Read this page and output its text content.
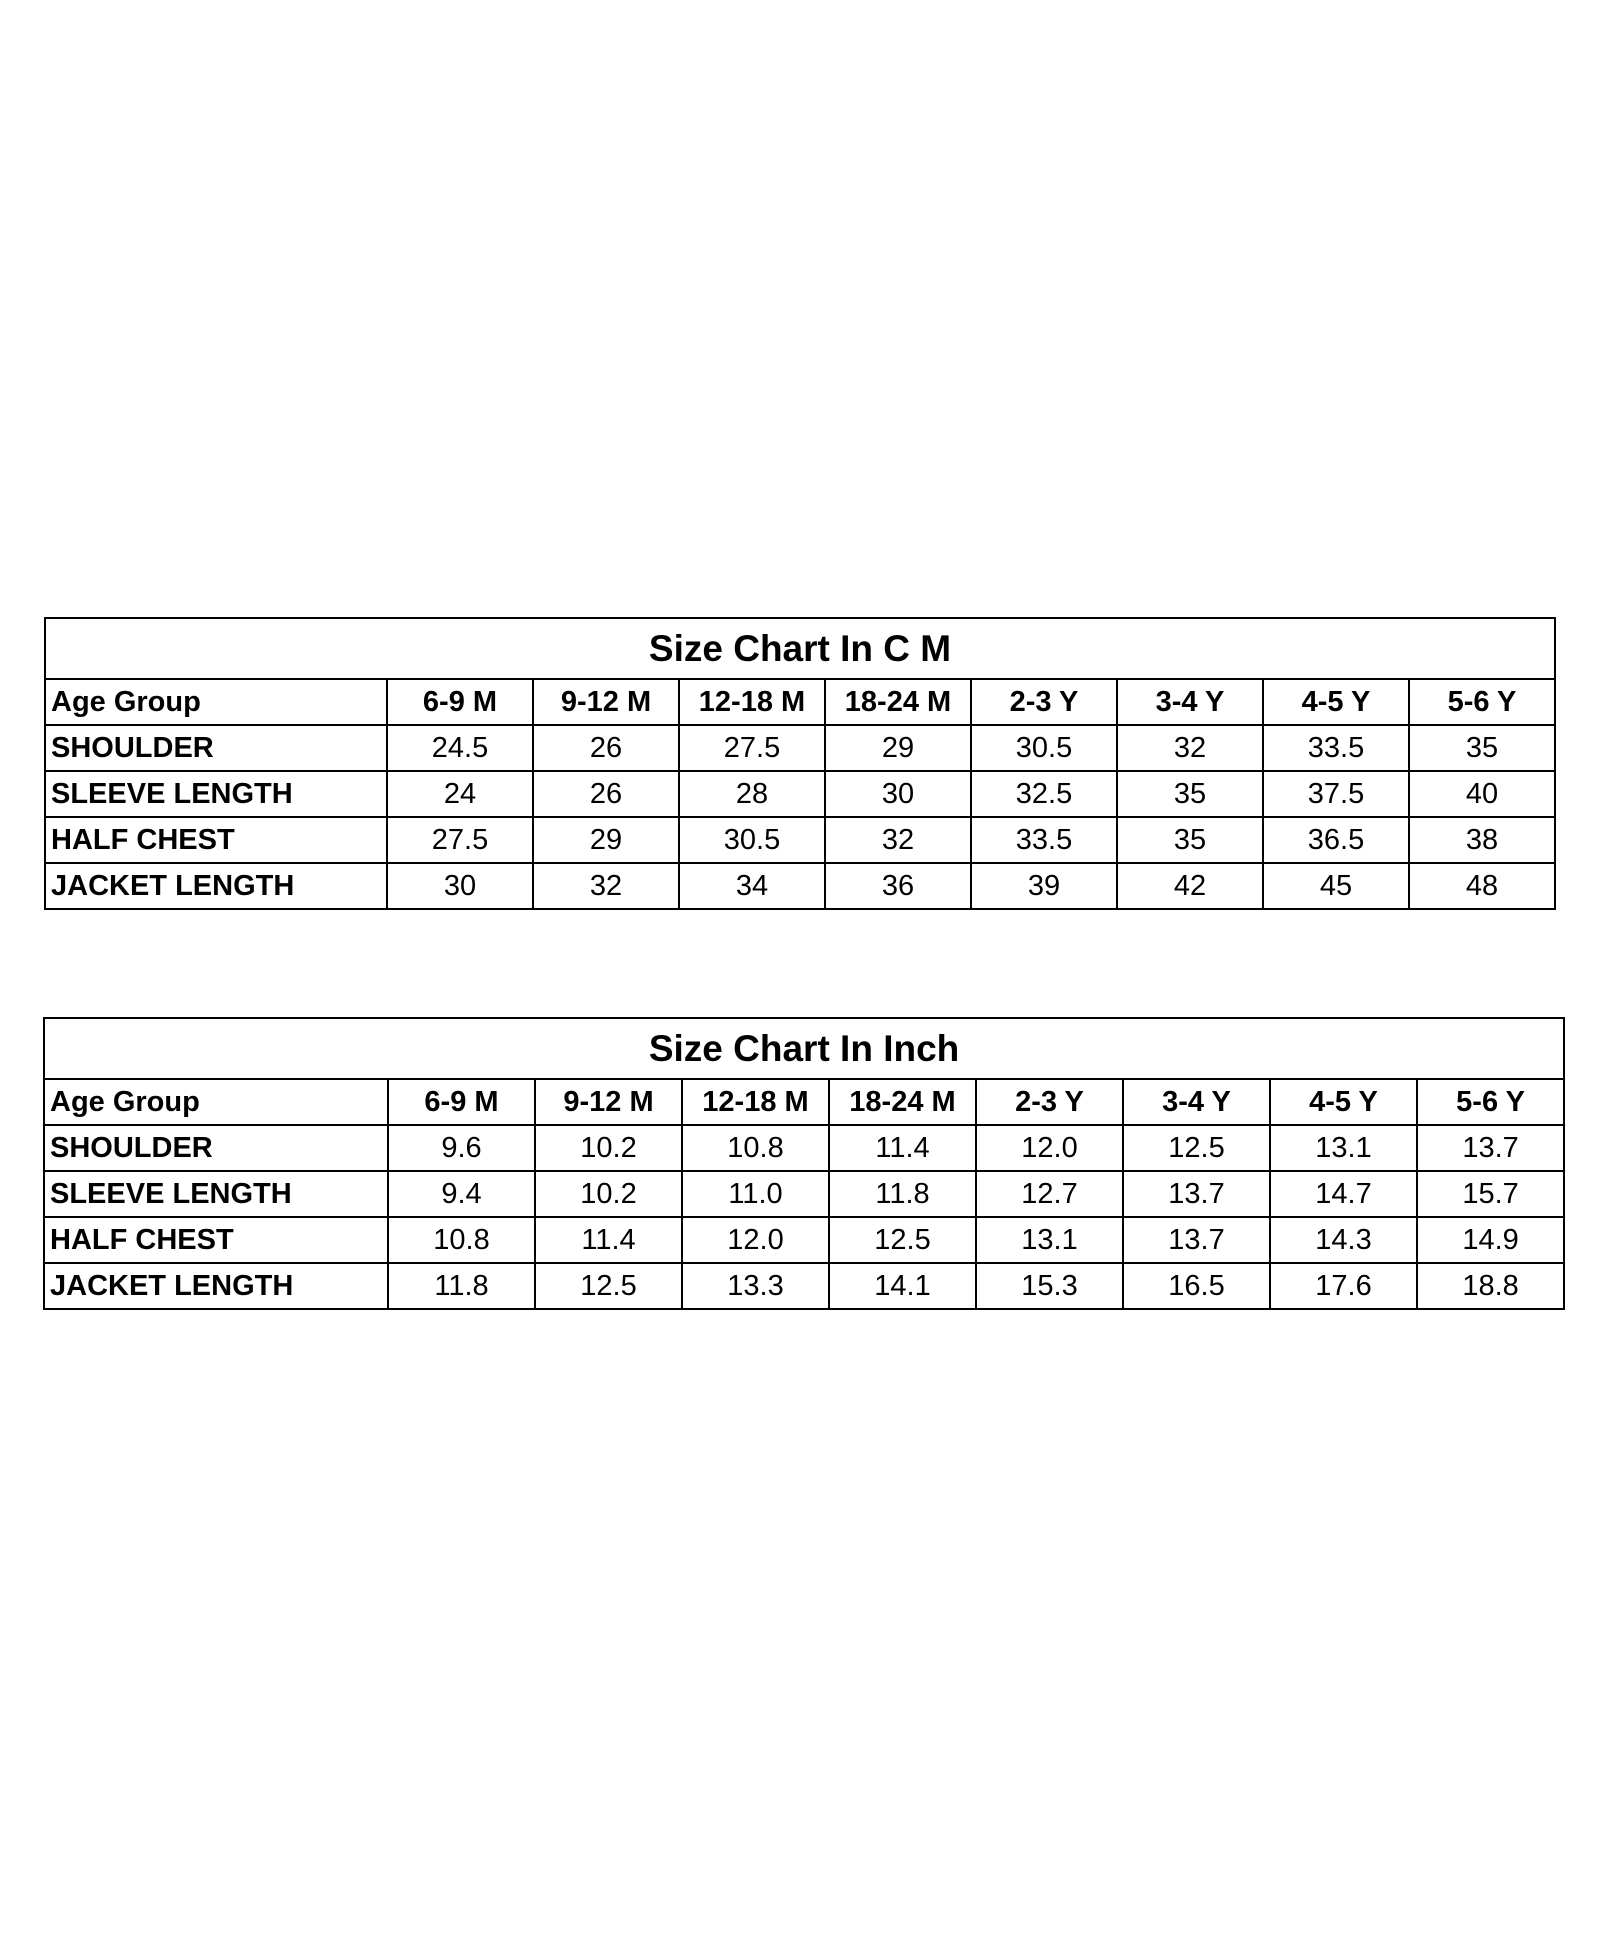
Size Chart In C M								
Age Group	6-9 M	9-12 M	12-18 M	18-24 M	2-3 Y	3-4 Y	4-5 Y	5-6 Y
SHOULDER	24.5	26	27.5	29	30.5	32	33.5	35
SLEEVE LENGTH	24	26	28	30	32.5	35	37.5	40
HALF CHEST	27.5	29	30.5	32	33.5	35	36.5	38
JACKET LENGTH	30	32	34	36	39	42	45	48
Size Chart In Inch								
Age Group	6-9 M	9-12 M	12-18 M	18-24 M	2-3 Y	3-4 Y	4-5 Y	5-6 Y
SHOULDER	9.6	10.2	10.8	11.4	12.0	12.5	13.1	13.7
SLEEVE LENGTH	9.4	10.2	11.0	11.8	12.7	13.7	14.7	15.7
HALF CHEST	10.8	11.4	12.0	12.5	13.1	13.7	14.3	14.9
JACKET LENGTH	11.8	12.5	13.3	14.1	15.3	16.5	17.6	18.8
